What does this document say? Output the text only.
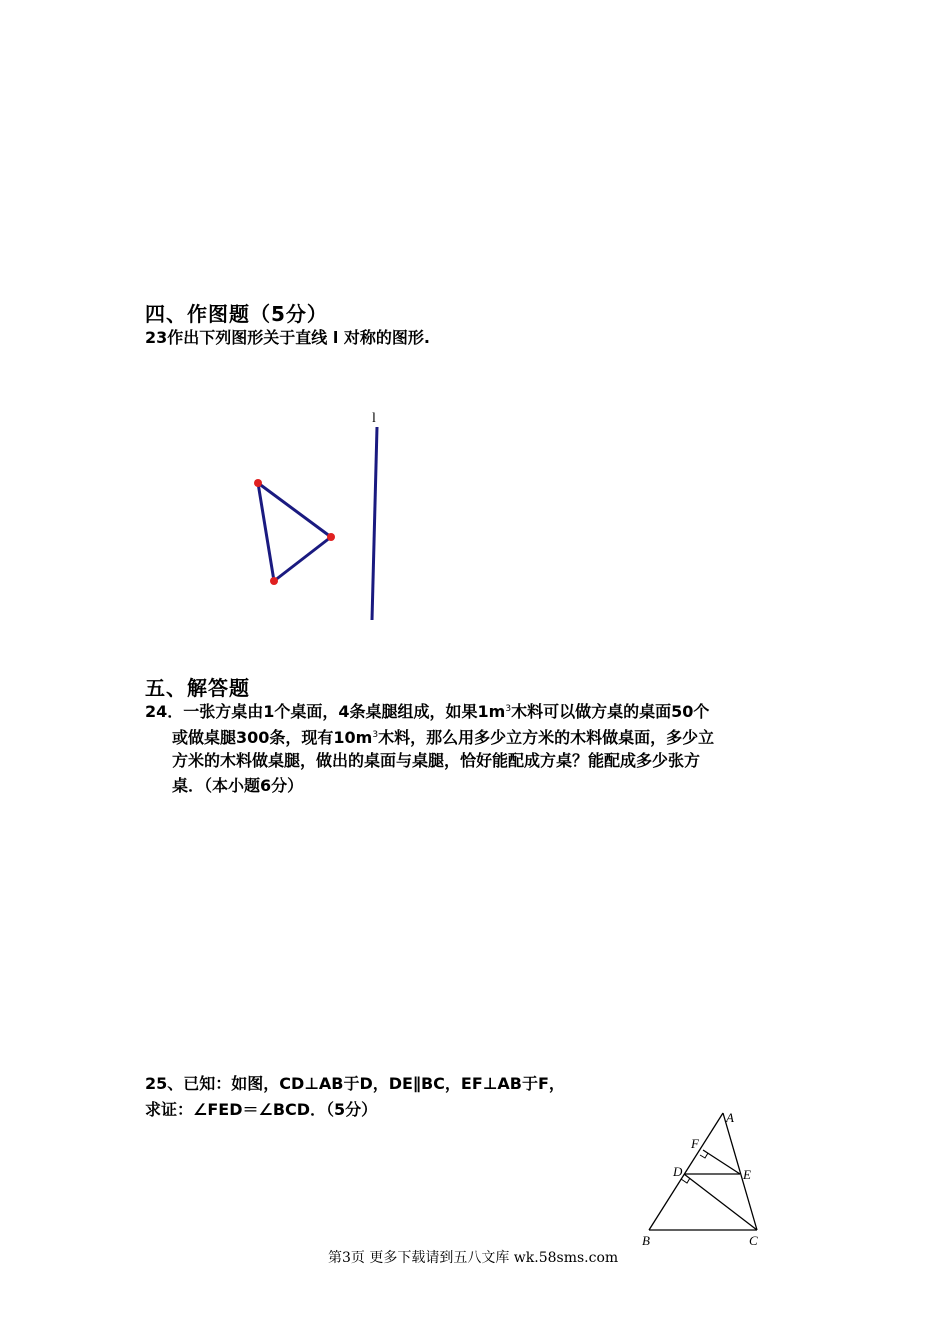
四、作图题（5分）
23作出下列图形关于直线 l 对称的图形.
l
五、解答题
24．一张方桌由1个桌面，4条桌腿组成，如果$1m^3$木料可以做方桌的桌面50个
或做桌腿300条，现有$10m^3$木料，那么用多少立方米的木料做桌面，多少立
方米的木料做桌腿，做出的桌面与桌腿，恰好能配成方桌？能配成多少张方
桌．（本小题6分）
25、已知：如图，CD⊥AB于D，DE∥BC，EF⊥AB于F，
求证：∠FED＝∠BCD．（5分）	A
F
D	E
B	C
第3页 更多下载请到五八文库 wk.58sms.com
